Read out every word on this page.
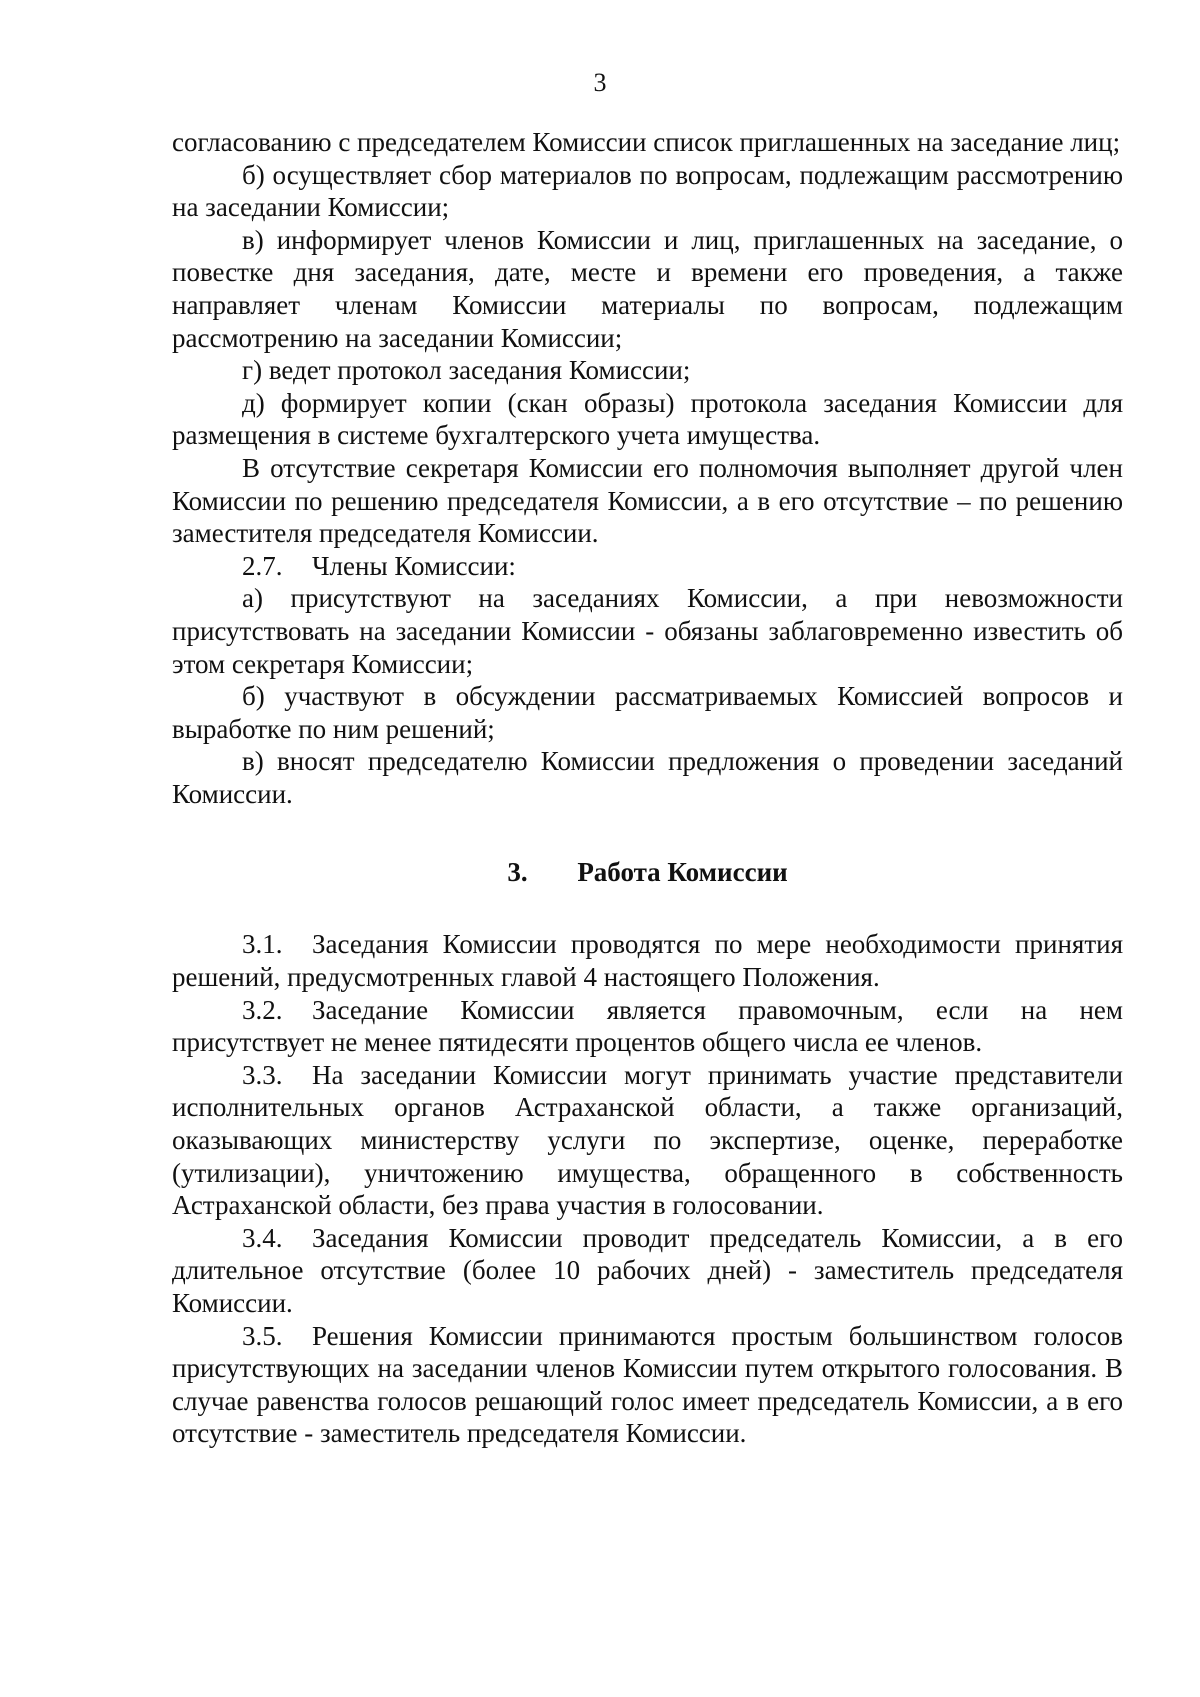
3

согласованию с председателем Комиссии список приглашенных на заседание лиц;

б) осуществляет сбор материалов по вопросам, подлежащим рассмотрению на заседании Комиссии;

в) информирует членов Комиссии и лиц, приглашенных на заседание, о повестке дня заседания, дате, месте и времени его проведения, а также направляет членам Комиссии материалы по вопросам, подлежащим рассмотрению на заседании Комиссии;

г) ведет протокол заседания Комиссии;

д) формирует копии (скан образы) протокола заседания Комиссии для размещения в системе бухгалтерского учета имущества.

В отсутствие секретаря Комиссии его полномочия выполняет другой член Комиссии по решению председателя Комиссии, а в его отсутствие – по решению заместителя председателя Комиссии.

2.7. Члены Комиссии:

а) присутствуют на заседаниях Комиссии, а при невозможности присутствовать на заседании Комиссии - обязаны заблаговременно известить об этом секретаря Комиссии;

б) участвуют в обсуждении рассматриваемых Комиссией вопросов и выработке по ним решений;

в) вносят председателю Комиссии предложения о проведении заседаний Комиссии.

3. Работа Комиссии

3.1. Заседания Комиссии проводятся по мере необходимости принятия решений, предусмотренных главой 4 настоящего Положения.

3.2. Заседание Комиссии является правомочным, если на нем присутствует не менее пятидесяти процентов общего числа ее членов.

3.3. На заседании Комиссии могут принимать участие представители исполнительных органов Астраханской области, а также организаций, оказывающих министерству услуги по экспертизе, оценке, переработке (утилизации), уничтожению имущества, обращенного в собственность Астраханской области, без права участия в голосовании.

3.4. Заседания Комиссии проводит председатель Комиссии, а в его длительное отсутствие (более 10 рабочих дней) - заместитель председателя Комиссии.

3.5. Решения Комиссии принимаются простым большинством голосов присутствующих на заседании членов Комиссии путем открытого голосования. В случае равенства голосов решающий голос имеет председатель Комиссии, а в его отсутствие - заместитель председателя Комиссии.
